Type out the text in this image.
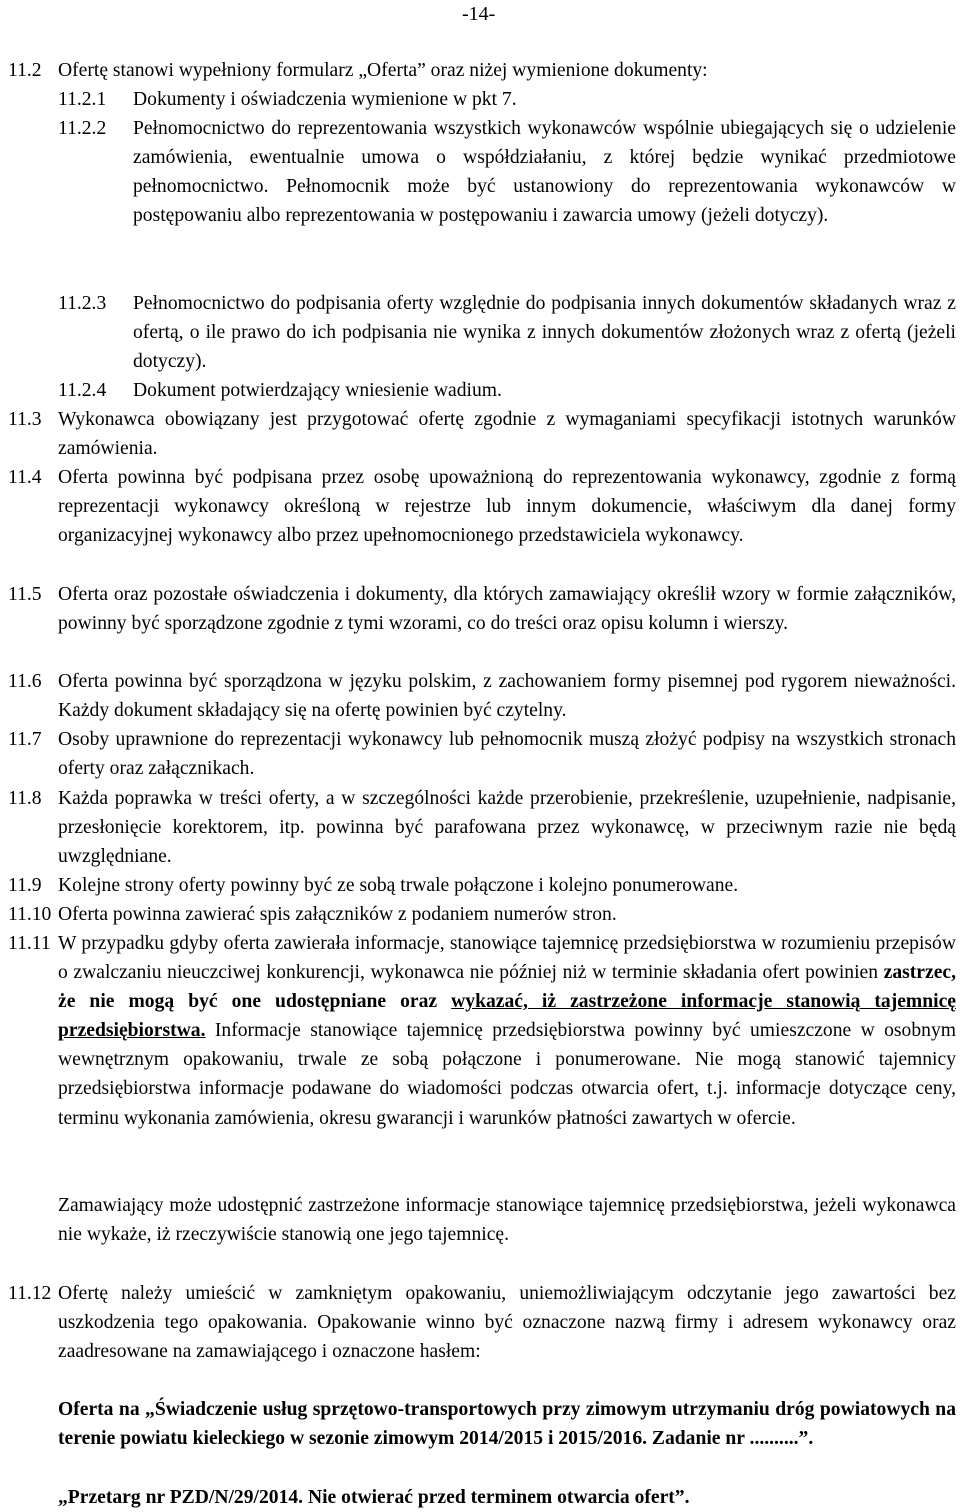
-14-
11.2 Ofertę stanowi wypełniony formularz „Oferta” oraz niżej wymienione dokumenty:
11.2.1 Dokumenty i oświadczenia wymienione w pkt 7.
11.2.2 Pełnomocnictwo do reprezentowania wszystkich wykonawców wspólnie ubiegających się o udzielenie zamówienia, ewentualnie umowa o współdziałaniu, z której będzie wynikać przedmiotowe pełnomocnictwo. Pełnomocnik może być ustanowiony do reprezentowania wykonawców w postępowaniu albo reprezentowania w postępowaniu i zawarcia umowy (jeżeli dotyczy).
11.2.3 Pełnomocnictwo do podpisania oferty względnie do podpisania innych dokumentów składanych wraz z ofertą, o ile prawo do ich podpisania nie wynika z innych dokumentów złożonych wraz z ofertą (jeżeli dotyczy).
11.2.4 Dokument potwierdzający wniesienie wadium.
11.3 Wykonawca obowiązany jest przygotować ofertę zgodnie z wymaganiami specyfikacji istotnych warunków zamówienia.
11.4 Oferta powinna być podpisana przez osobę upoważnioną do reprezentowania wykonawcy, zgodnie z formą reprezentacji wykonawcy określoną w rejestrze lub innym dokumencie, właściwym dla danej formy organizacyjnej wykonawcy albo przez upełnomocnionego przedstawiciela wykonawcy.
11.5 Oferta oraz pozostałe oświadczenia i dokumenty, dla których zamawiający określił wzory w formie załączników, powinny być sporządzone zgodnie z tymi wzorami, co do treści oraz opisu kolumn i wierszy.
11.6 Oferta powinna być sporządzona w języku polskim, z zachowaniem formy pisemnej pod rygorem nieważności. Każdy dokument składający się na ofertę powinien być czytelny.
11.7 Osoby uprawnione do reprezentacji wykonawcy lub pełnomocnik muszą złożyć podpisy na wszystkich stronach oferty oraz załącznikach.
11.8 Każda poprawka w treści oferty, a w szczególności każde przerobienie, przekreślenie, uzupełnienie, nadpisanie, przesłonięcie korektorem, itp. powinna być parafowana przez wykonawcę, w przeciwnym razie nie będą uwzględniane.
11.9 Kolejne strony oferty powinny być ze sobą trwale połączone i kolejno ponumerowane.
11.10 Oferta powinna zawierać spis załączników z podaniem numerów stron.
11.11 W przypadku gdyby oferta zawierała informacje, stanowiące tajemnicę przedsiębiorstwa w rozumieniu przepisów o zwalczaniu nieuczciwej konkurencji, wykonawca nie później niż w terminie składania ofert powinien zastrzec, że nie mogą być one udostępniane oraz wykazać, iż zastrzeżone informacje stanowią tajemnicę przedsiębiorstwa. Informacje stanowiące tajemnicę przedsiębiorstwa powinny być umieszczone w osobnym wewnętrznym opakowaniu, trwale ze sobą połączone i ponumerowane. Nie mogą stanowić tajemnicy przedsiębiorstwa informacje podawane do wiadomości podczas otwarcia ofert, t.j. informacje dotyczące ceny, terminu wykonania zamówienia, okresu gwarancji i warunków płatności zawartych w ofercie.
Zamawiający może udostępnić zastrzeżone informacje stanowiące tajemnicę przedsiębiorstwa, jeżeli wykonawca nie wykaże, iż rzeczywiście stanowią one jego tajemnicę.
11.12 Ofertę należy umieścić w zamkniętym opakowaniu, uniemożliwiającym odczytanie jego zawartości bez uszkodzenia tego opakowania. Opakowanie winno być oznaczone nazwą firmy i adresem wykonawcy oraz zaadresowane na zamawiającego i oznaczone hasłem:
Oferta na „Świadczenie usług sprzętowo-transportowych przy zimowym utrzymaniu dróg powiatowych na terenie powiatu kieleckiego w sezonie zimowym 2014/2015 i 2015/2016. Zadanie nr ..........”.
„Przetarg nr PZD/N/29/2014. Nie otwierać przed terminem otwarcia ofert”.
